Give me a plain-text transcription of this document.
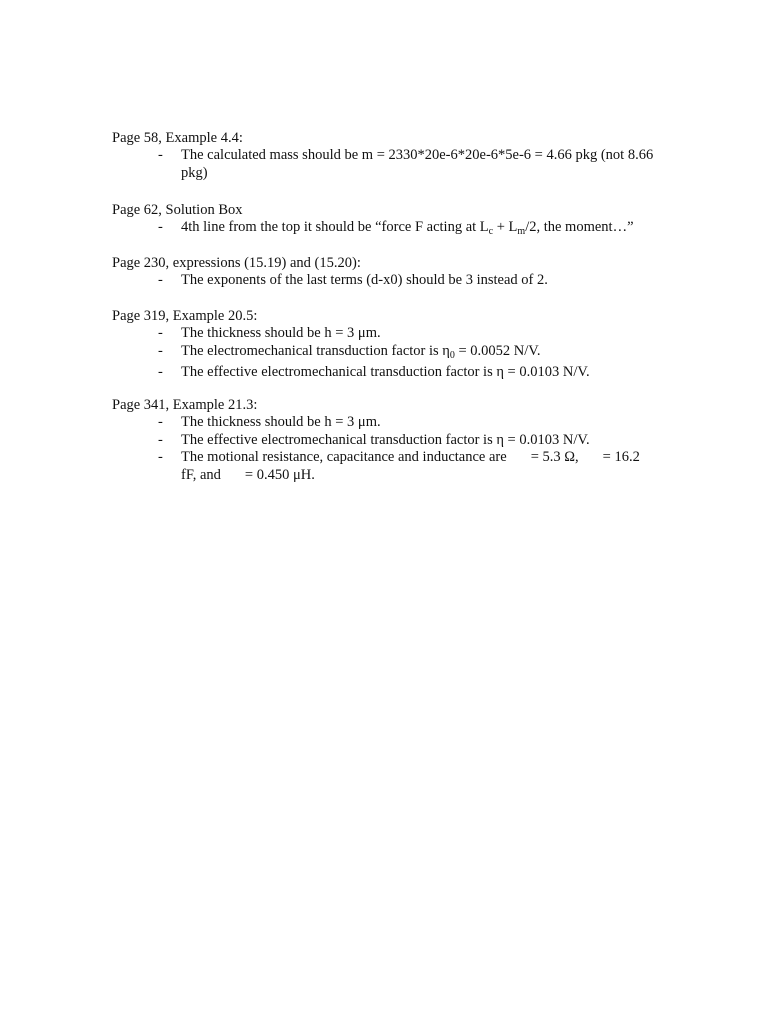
Page 58, Example 4.4:
- The calculated mass should be m = 2330*20e-6*20e-6*5e-6 = 4.66 pkg (not 8.66 pkg)
Page 62, Solution Box
- 4th line from the top it should be “force F acting at $L_c + L_m/2$, the moment…”
Page 230, expressions (15.19) and (15.20):
- The exponents of the last terms (d-x0) should be 3 instead of 2.
Page 319, Example 20.5:
- The thickness should be h = 3 μm.
- The electromechanical transduction factor is $\eta_0 = 0.0052$ N/V.
- The effective electromechanical transduction factor is η = 0.0103 N/V.
Page 341, Example 21.3:
- The thickness should be h = 3 μm.
- The effective electromechanical transduction factor is η = 0.0103 N/V.
- The motional resistance, capacitance and inductance are = 5.3 Ω, = 16.2 fF, and = 0.450 μH.
